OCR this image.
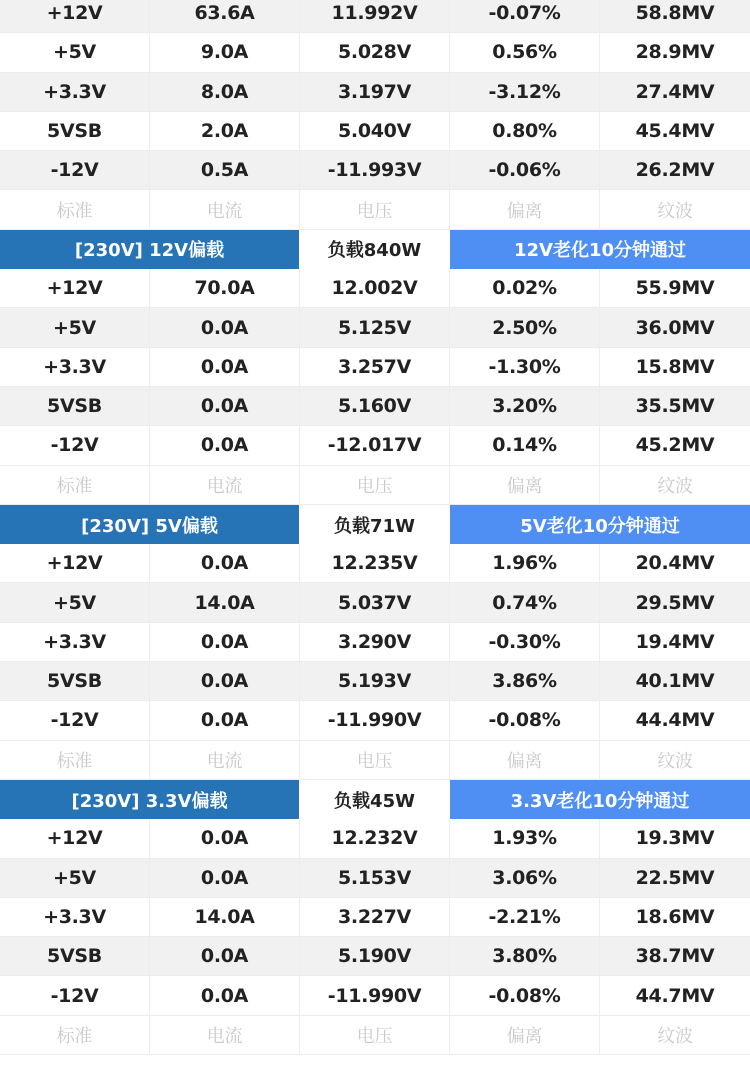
+12V	63.6A	11.992V	-0.07%	58.8MV
+5V	9.0A	5.028V	0.56%	28.9MV
+3.3V	8.0A	3.197V	-3.12%	27.4MV
5VSB	2.0A	5.040V	0.80%	45.4MV
-12V	0.5A	-11.993V	-0.06%	26.2MV
标准	电流	电压	偏离	纹波
[230V] 12V偏载	负载840W	12V老化10分钟通过
+12V	70.0A	12.002V	0.02%	55.9MV
+5V	0.0A	5.125V	2.50%	36.0MV
+3.3V	0.0A	3.257V	-1.30%	15.8MV
5VSB	0.0A	5.160V	3.20%	35.5MV
-12V	0.0A	-12.017V	0.14%	45.2MV
标准	电流	电压	偏离	纹波
[230V] 5V偏载	负载71W	5V老化10分钟通过
+12V	0.0A	12.235V	1.96%	20.4MV
+5V	14.0A	5.037V	0.74%	29.5MV
+3.3V	0.0A	3.290V	-0.30%	19.4MV
5VSB	0.0A	5.193V	3.86%	40.1MV
-12V	0.0A	-11.990V	-0.08%	44.4MV
标准	电流	电压	偏离	纹波
[230V] 3.3V偏载	负载45W	3.3V老化10分钟通过
+12V	0.0A	12.232V	1.93%	19.3MV
+5V	0.0A	5.153V	3.06%	22.5MV
+3.3V	14.0A	3.227V	-2.21%	18.6MV
5VSB	0.0A	5.190V	3.80%	38.7MV
-12V	0.0A	-11.990V	-0.08%	44.7MV
标准	电流	电压	偏离	纹波
